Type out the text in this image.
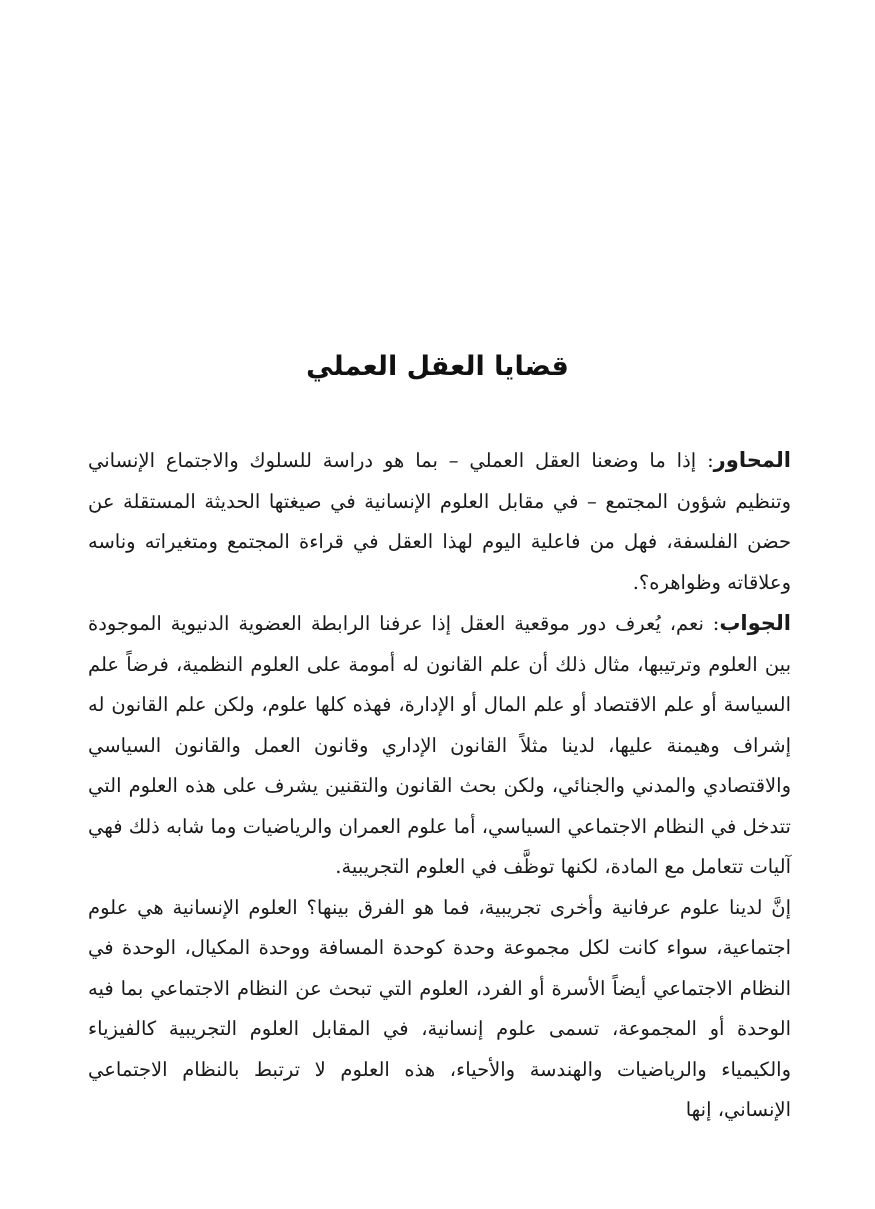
قضايا العقل العملي

المحاور: إذا ما وضعنا العقل العملي – بما هو دراسة للسلوك والاجتماع الإنساني وتنظيم شؤون المجتمع – في مقابل العلوم الإنسانية في صيغتها الحديثة المستقلة عن حضن الفلسفة، فهل من فاعلية اليوم لهذا العقل في قراءة المجتمع ومتغيراته وناسه وعلاقاته وظواهره؟.

الجواب: نعم، يُعرف دور موقعية العقل إذا عرفنا الرابطة العضوية الدنيوية الموجودة بين العلوم وترتيبها، مثال ذلك أن علم القانون له أمومة على العلوم النظمية، فرضاً علم السياسة أو علم الاقتصاد أو علم المال أو الإدارة، فهذه كلها علوم، ولكن علم القانون له إشراف وهيمنة عليها، لدينا مثلاً القانون الإداري وقانون العمل والقانون السياسي والاقتصادي والمدني والجنائي، ولكن بحث القانون والتقنين يشرف على هذه العلوم التي تتدخل في النظام الاجتماعي السياسي، أما علوم العمران والرياضيات وما شابه ذلك فهي آليات تتعامل مع المادة، لكنها توظَّف في العلوم التجريبية.

إنَّ لدينا علوم عرفانية وأخرى تجريبية، فما هو الفرق بينها؟ العلوم الإنسانية هي علوم اجتماعية، سواء كانت لكل مجموعة وحدة كوحدة المسافة ووحدة المكيال، الوحدة في النظام الاجتماعي أيضاً الأسرة أو الفرد، العلوم التي تبحث عن النظام الاجتماعي بما فيه الوحدة أو المجموعة، تسمى علوم إنسانية، في المقابل العلوم التجريبية كالفيزياء والكيمياء والرياضيات والهندسة والأحياء، هذه العلوم لا ترتبط بالنظام الاجتماعي الإنساني، إنها
